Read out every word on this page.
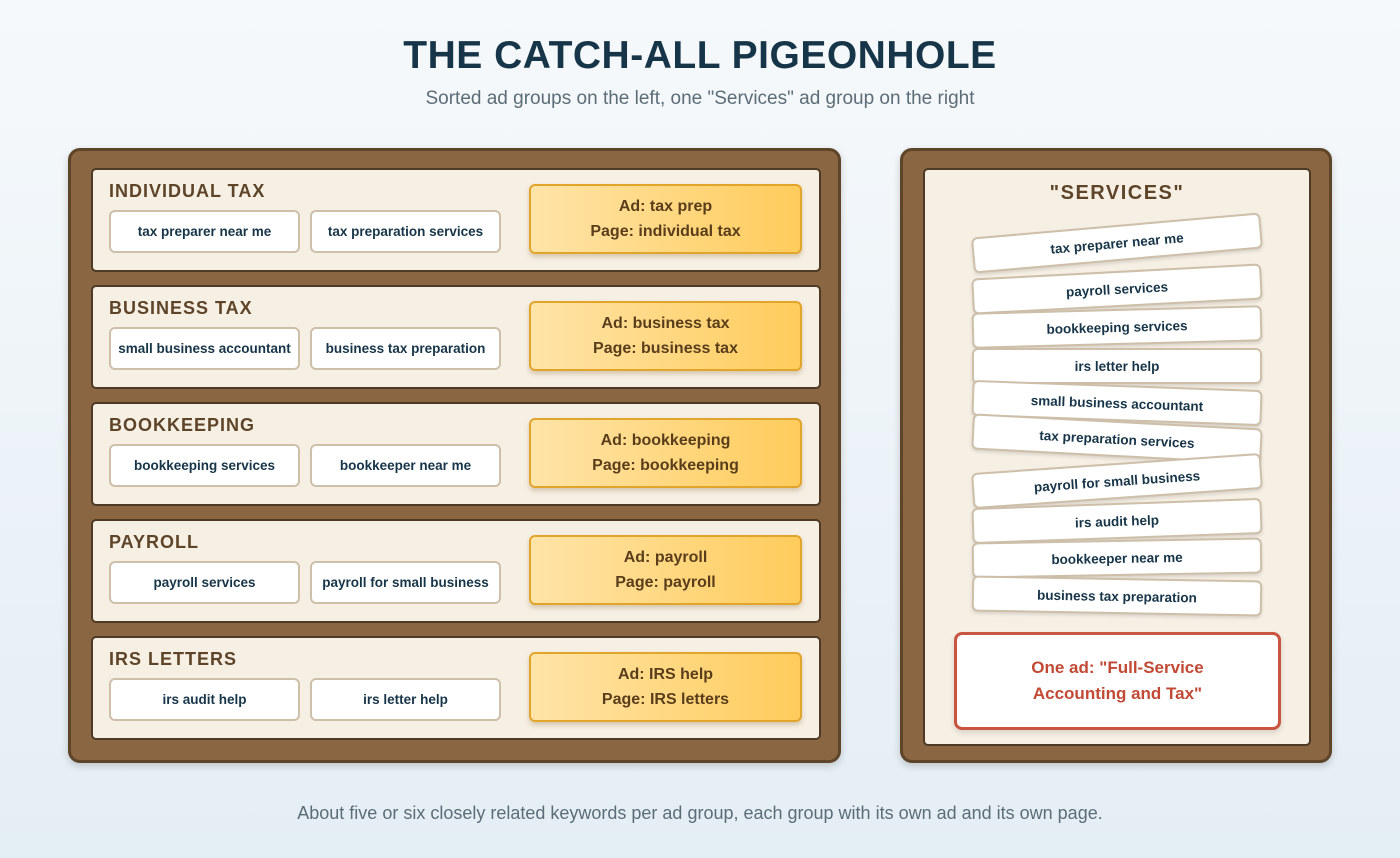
THE CATCH-ALL PIGEONHOLE
Sorted ad groups on the left, one "Services" ad group on the right
INDIVIDUAL TAX
tax preparer near me	tax preparation services
Ad: tax prep
Page: individual tax
BUSINESS TAX
small business accountant	business tax preparation
Ad: business tax
Page: business tax
BOOKKEEPING
bookkeeping services	bookkeeper near me
Ad: bookkeeping
Page: bookkeeping
PAYROLL
payroll services	payroll for small business
Ad: payroll
Page: payroll
IRS LETTERS
irs audit help	irs letter help
Ad: IRS help
Page: IRS letters
"SERVICES"
tax preparer near me
payroll services
bookkeeping services
irs letter help
small business accountant
tax preparation services
payroll for small business
irs audit help
bookkeeper near me
business tax preparation
One ad: "Full-Service Accounting and Tax"
About five or six closely related keywords per ad group, each group with its own ad and its own page.
